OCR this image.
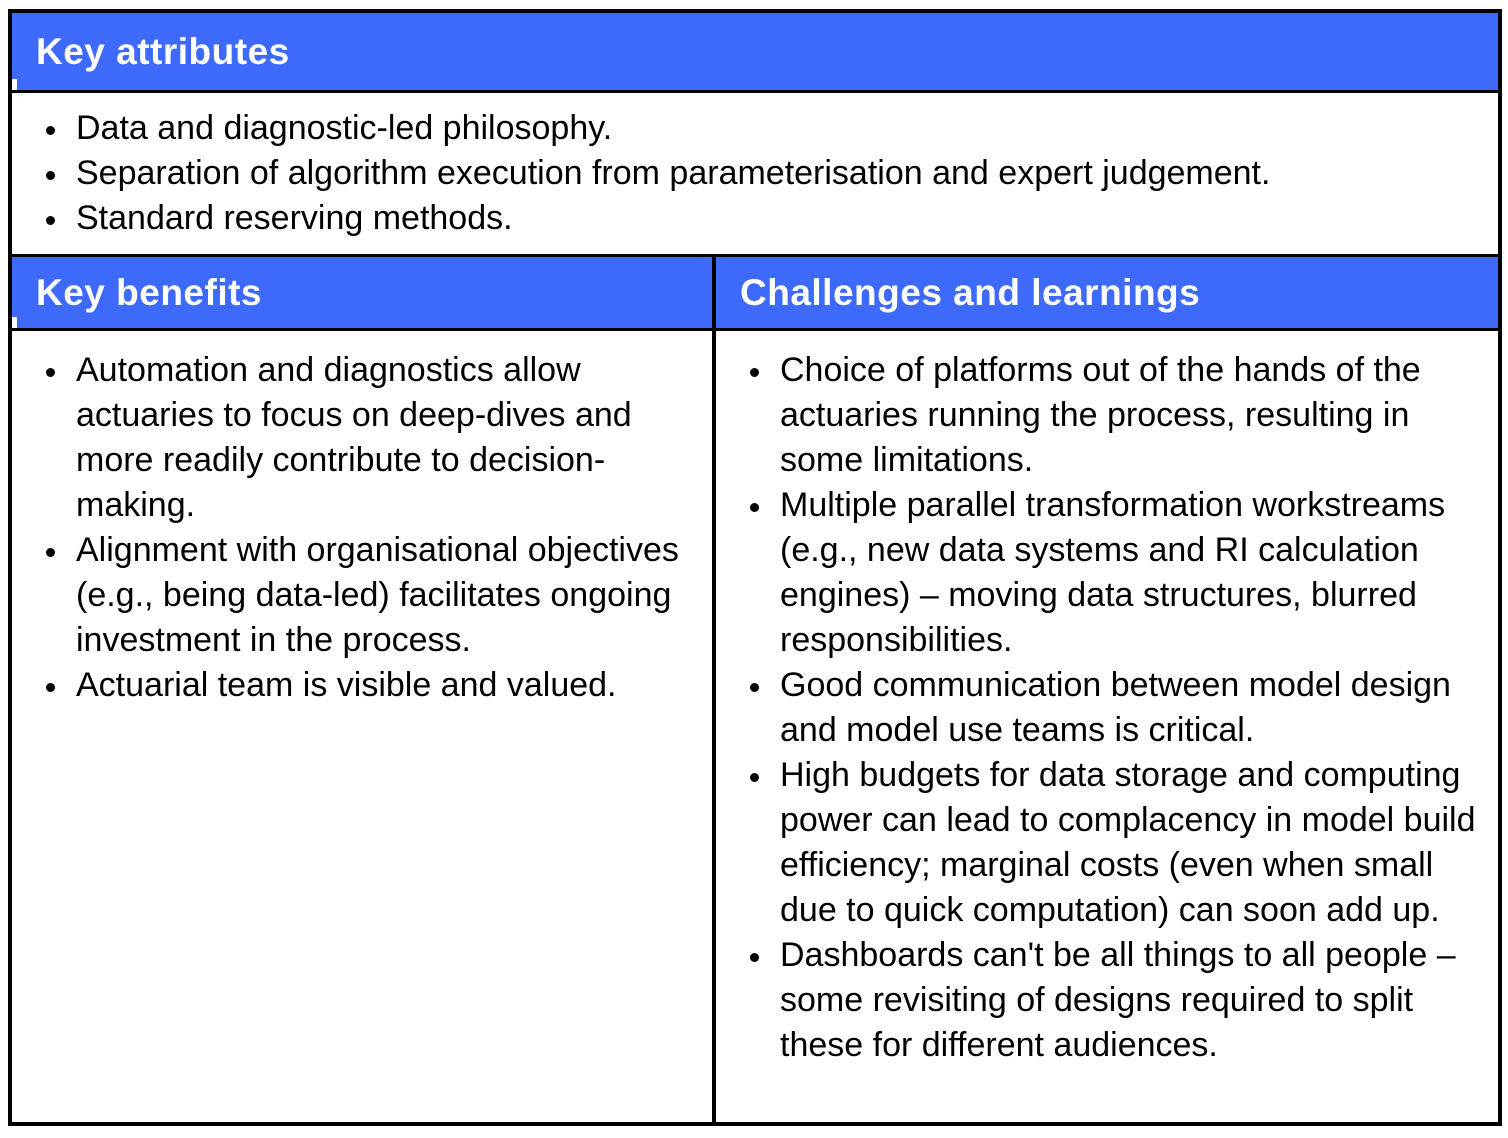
Key attributes
• Data and diagnostic-led philosophy.
• Separation of algorithm execution from parameterisation and expert judgement.
• Standard reserving methods.
Key benefits	Challenges and learnings
• Automation and diagnostics allow actuaries to focus on deep-dives and more readily contribute to decision-making.
• Alignment with organisational objectives (e.g., being data-led) facilitates ongoing investment in the process.
• Actuarial team is visible and valued.
• Choice of platforms out of the hands of the actuaries running the process, resulting in some limitations.
• Multiple parallel transformation workstreams (e.g., new data systems and RI calculation engines) – moving data structures, blurred responsibilities.
• Good communication between model design and model use teams is critical.
• High budgets for data storage and computing power can lead to complacency in model build efficiency; marginal costs (even when small due to quick computation) can soon add up.
• Dashboards can't be all things to all people – some revisiting of designs required to split these for different audiences.
